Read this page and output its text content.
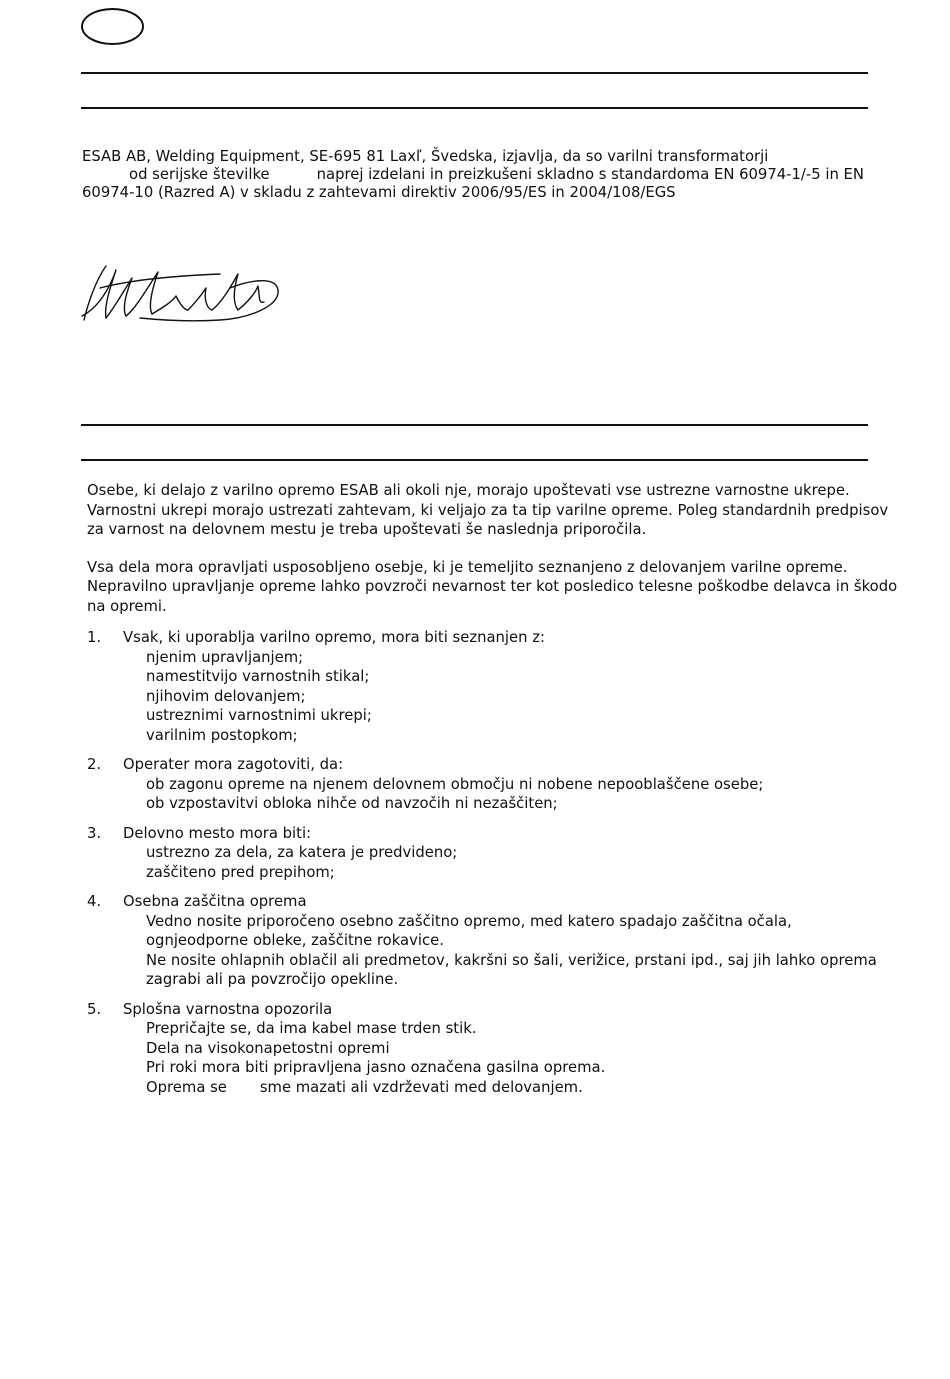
ESAB AB, Welding Equipment, SE-695 81 Laxľ, Švedska, izjavlja, da so varilni transformatorji
od serijske številke          naprej izdelani in preizkušeni skladno s standardoma EN 60974-1/-5 in EN
60974-10 (Razred A) v skladu z zahtevami direktiv 2006/95/ES in 2004/108/EGS
Osebe, ki delajo z varilno opremo ESAB ali okoli nje, morajo upoštevati vse ustrezne varnostne ukrepe.
Varnostni ukrepi morajo ustrezati zahtevam, ki veljajo za ta tip varilne opreme. Poleg standardnih predpisov
za varnost na delovnem mestu je treba upoštevati še naslednja priporočila.
Vsa dela mora opravljati usposobljeno osebje, ki je temeljito seznanjeno z delovanjem varilne opreme.
Nepravilno upravljanje opreme lahko povzroči nevarnost ter kot posledico telesne poškodbe delavca in škodo
na opremi.
1.	Vsak, ki uporablja varilno opremo, mora biti seznanjen z:
njenim upravljanjem;
namestitvijo varnostnih stikal;
njihovim delovanjem;
ustreznimi varnostnimi ukrepi;
varilnim postopkom;
2.	Operater mora zagotoviti, da:
ob zagonu opreme na njenem delovnem območju ni nobene nepooblaščene osebe;
ob vzpostavitvi obloka nihče od navzočih ni nezaščiten;
3.	Delovno mesto mora biti:
ustrezno za dela, za katera je predvideno;
zaščiteno pred prepihom;
4.	Osebna zaščitna oprema
Vedno nosite priporočeno osebno zaščitno opremo, med katero spadajo zaščitna očala,
ognjeodporne obleke, zaščitne rokavice.
Ne nosite ohlapnih oblačil ali predmetov, kakršni so šali, verižice, prstani ipd., saj jih lahko oprema
zagrabi ali pa povzročijo opekline.
5.	Splošna varnostna opozorila
Prepričajte se, da ima kabel mase trden stik.
Dela na visokonapetostni opremi
Pri roki mora biti pripravljena jasno označena gasilna oprema.
Oprema se       sme mazati ali vzdrževati med delovanjem.
